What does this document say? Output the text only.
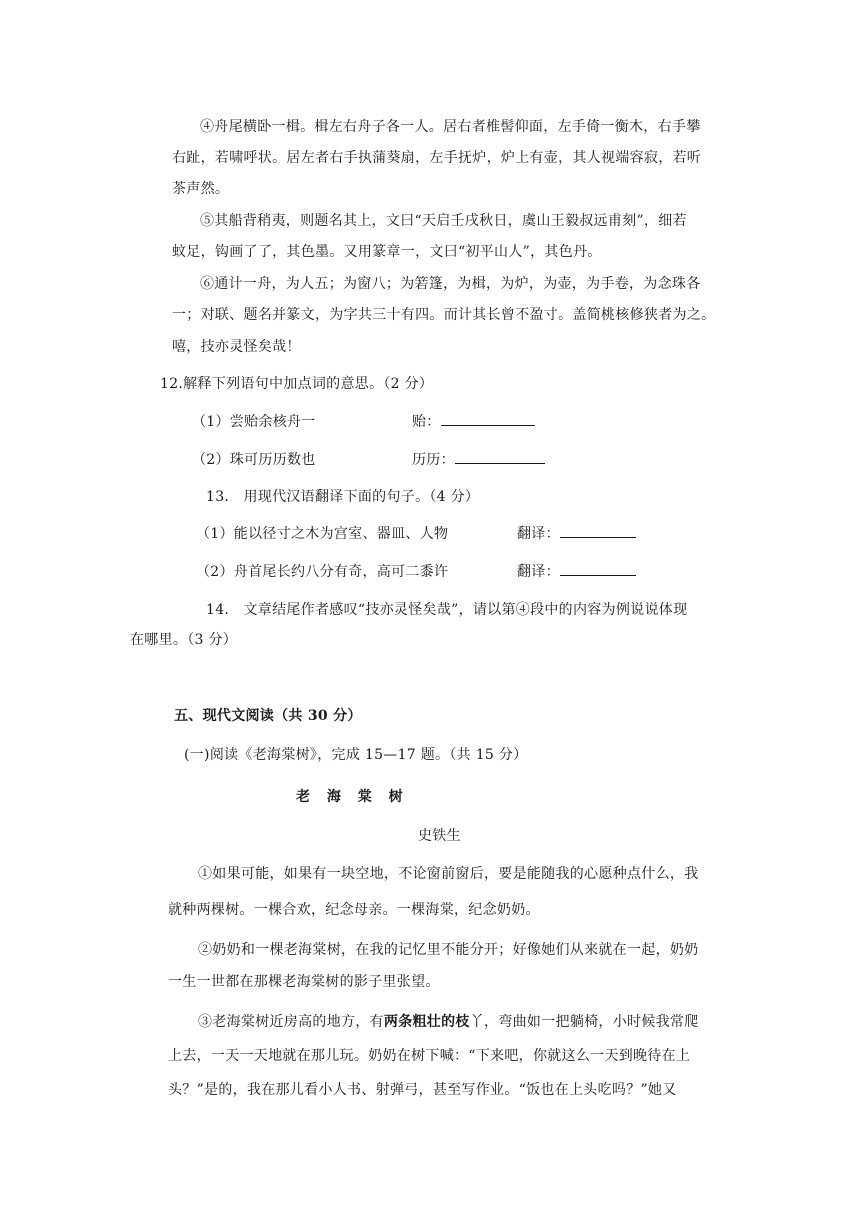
④舟尾横卧一楫。楫左右舟子各一人。居右者椎髻仰面，左手倚一衡木，右手攀
右趾，若啸呼状。居左者右手执蒲葵扇，左手抚炉，炉上有壶，其人视端容寂，若听
茶声然。
⑤其船背稍夷，则题名其上，文曰“天启壬戌秋日，虞山王毅叔远甫刻”，细若
蚊足，钩画了了，其色墨。又用篆章一，文曰“初平山人”，其色丹。
⑥通计一舟，为人五；为窗八；为箬篷，为楫，为炉，为壶，为手卷，为念珠各
一；对联、题名并篆文，为字共三十有四。而计其长曾不盈寸。盖简桃核修狭者为之。
嘻，技亦灵怪矣哉！
12.解释下列语句中加点词的意思。（2 分）
（1）尝贻余核舟一	贻：
（2）珠可历历数也	历历：
13.　用现代汉语翻译下面的句子。（4 分）
（1）能以径寸之木为宫室、器皿、人物	翻译：
（2）舟首尾长约八分有奇，高可二黍许	翻译：
14.　文章结尾作者感叹“技亦灵怪矣哉”，请以第④段中的内容为例说说体现
在哪里。（3 分）
五、现代文阅读（共 30 分）
(一)阅读《老海棠树》，完成 15—17 题。（共 15 分）
老 海 棠 树
史铁生
①如果可能，如果有一块空地，不论窗前窗后，要是能随我的心愿种点什么，我
就种两棵树。一棵合欢，纪念母亲。一棵海棠，纪念奶奶。
②奶奶和一棵老海棠树，在我的记忆里不能分开；好像她们从来就在一起，奶奶
一生一世都在那棵老海棠树的影子里张望。
③老海棠树近房高的地方，有两条粗壮的枝丫，弯曲如一把躺椅，小时候我常爬
上去，一天一天地就在那儿玩。奶奶在树下喊：“下来吧，你就这么一天到晚待在上
头？”是的，我在那儿看小人书、射弹弓，甚至写作业。“饭也在上头吃吗？”她又
